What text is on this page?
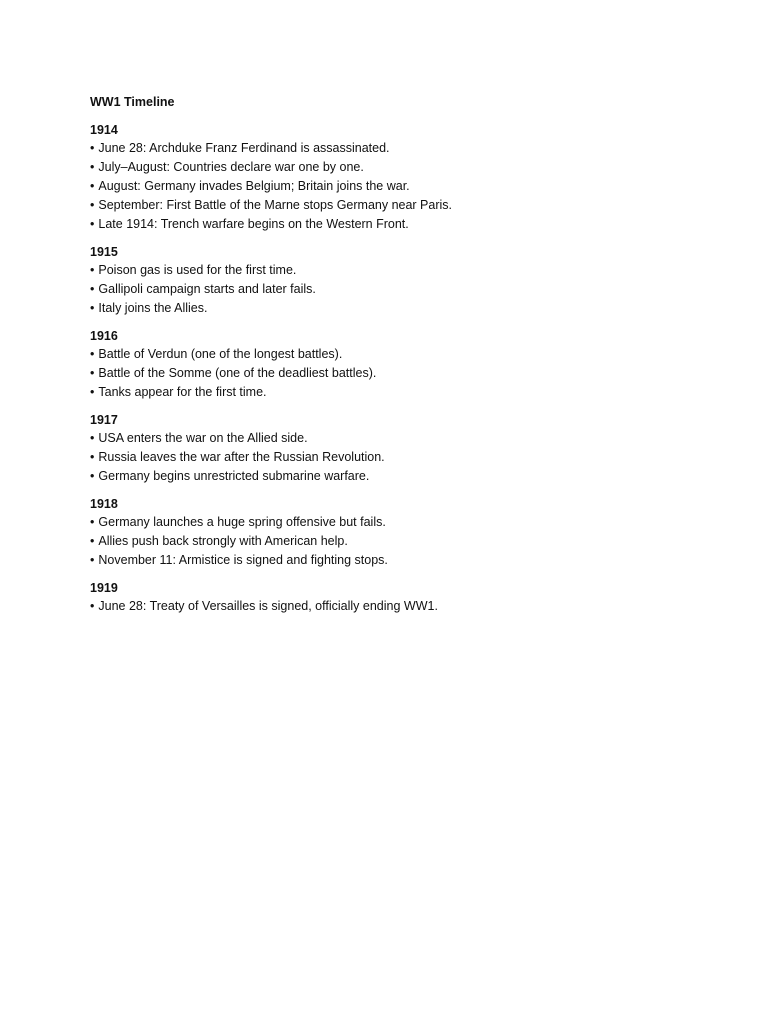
WW1 Timeline
1914
• June 28: Archduke Franz Ferdinand is assassinated.
• July–August: Countries declare war one by one.
• August: Germany invades Belgium; Britain joins the war.
• September: First Battle of the Marne stops Germany near Paris.
• Late 1914: Trench warfare begins on the Western Front.
1915
• Poison gas is used for the first time.
• Gallipoli campaign starts and later fails.
• Italy joins the Allies.
1916
• Battle of Verdun (one of the longest battles).
• Battle of the Somme (one of the deadliest battles).
• Tanks appear for the first time.
1917
• USA enters the war on the Allied side.
• Russia leaves the war after the Russian Revolution.
• Germany begins unrestricted submarine warfare.
1918
• Germany launches a huge spring offensive but fails.
• Allies push back strongly with American help.
• November 11: Armistice is signed and fighting stops.
1919
• June 28: Treaty of Versailles is signed, officially ending WW1.
